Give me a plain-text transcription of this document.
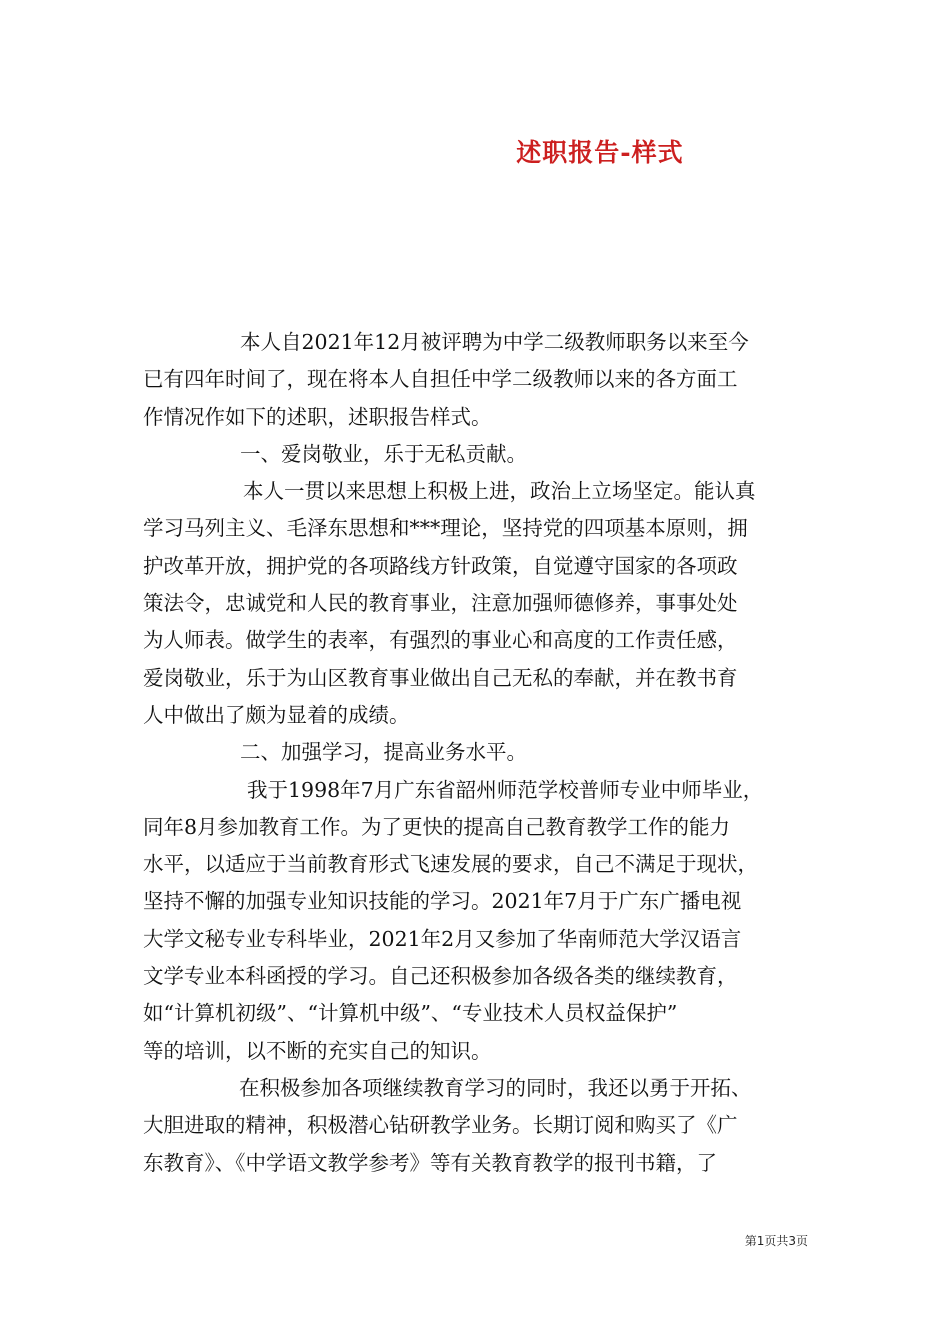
述职报告-样式
本人自2021年12月被评聘为中学二级教师职务以来至今
已有四年时间了，现在将本人自担任中学二级教师以来的各方面工
作情况作如下的述职，述职报告样式。
一、爱岗敬业，乐于无私贡献。
本人一贯以来思想上积极上进，政治上立场坚定。能认真
学习马列主义、毛泽东思想和***理论，坚持党的四项基本原则，拥
护改革开放，拥护党的各项路线方针政策，自觉遵守国家的各项政
策法令，忠诚党和人民的教育事业，注意加强师德修养，事事处处
为人师表。做学生的表率，有强烈的事业心和高度的工作责任感，
爱岗敬业，乐于为山区教育事业做出自己无私的奉献，并在教书育
人中做出了颇为显着的成绩。
二、加强学习，提高业务水平。
我于1998年7月广东省韶州师范学校普师专业中师毕业，
同年8月参加教育工作。为了更快的提高自己教育教学工作的能力
水平，以适应于当前教育形式飞速发展的要求，自己不满足于现状，
坚持不懈的加强专业知识技能的学习。2021年7月于广东广播电视
大学文秘专业专科毕业，2021年2月又参加了华南师范大学汉语言
文学专业本科函授的学习。自己还积极参加各级各类的继续教育，
如“计算机初级”、“计算机中级”、“专业技术人员权益保护”
等的培训，以不断的充实自己的知识。
在积极参加各项继续教育学习的同时，我还以勇于开拓、
大胆进取的精神，积极潜心钻研教学业务。长期订阅和购买了《广
东教育》、《中学语文教学参考》等有关教育教学的报刊书籍，了
第1页共3页
